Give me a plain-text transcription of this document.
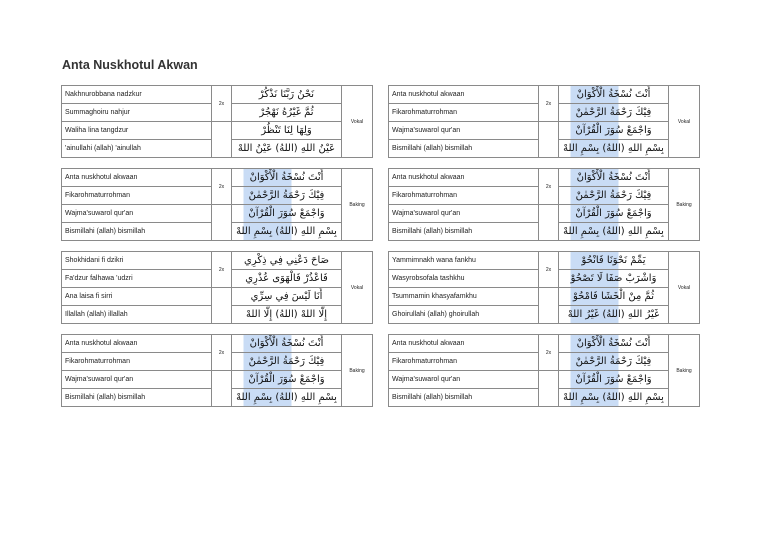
Anta Nuskhotul Akwan
Nakhnurobbana nadzkur	2x	نَحْنُ رَبَّنَا نَذْكُرْ	Vokal
Summaghoiru nahjur		ثُمَّ غَيْرُهُ نَهْجُرْ	
Waliha lina tangdzur		وَلِهَا لِنَا تَنْظُرْ	
'ainullahi (allah) 'ainullah		عَيْنُ اللهِ (اللهُ) عَيْنُ اللهْ	
Anta nuskhotul akwaan	2x	أَنْتَ نُسْخَةُ الْأَكْوَانْ	Vokal
Fikarohmaturrohman		فِيْكَ رَحْمَةُ الرَّحْمٰنْ	
Wajma'suwarol qur'an		وَاجْمَعْ سُوَرَ الْقُرْآنْ	
Bismillahi (allah) bismillah		بِسْمِ اللهِ (اللهُ) بِسْمِ اللهْ	
Anta nuskhotul akwaan	2x	أَنْتَ نُسْخَةُ الْأَكْوَانْ	Baking
Fikarohmaturrohman		فِيْكَ رَحْمَةُ الرَّحْمٰنْ	
Wajma'suwarol qur'an		وَاجْمَعْ سُوَرَ الْقُرْآنْ	
Bismillahi (allah) bismillah		بِسْمِ اللهِ (اللهُ) بِسْمِ اللهْ	
Anta nuskhotul akwaan	2x	أَنْتَ نُسْخَةُ الْأَكْوَانْ	Baking
Fikarohmaturrohman		فِيْكَ رَحْمَةُ الرَّحْمٰنْ	
Wajma'suwarol qur'an		وَاجْمَعْ سُوَرَ الْقُرْآنْ	
Bismillahi (allah) bismillah		بِسْمِ اللهِ (اللهُ) بِسْمِ اللهْ	
Shokhidani fi dzikri	2x	صَاحَ دَعْنِي فِي ذِكْرِي	Vokal
Fa'dzur falhawa 'udzri		فَاعْذُرْ فَالْهَوَى عُذْرِي	
Ana laisa fi sirri		أَنَا لَيْسَ فِي سِرِّي	
Illallah (allah) illallah		إِلَّا اللهْ (اللهُ) إِلَّا اللهْ	
Yammimnakh wana fankhu	2x	يَمِّمْ نَحْوَنَا فَانْحُوْ	Vokal
Wasyrobsofala tashkhu		وَاشْرَبْ صَفَا لَا تَصْحُوْ	
Tsummamin khasyafamkhu		ثُمَّ مِنْ الْخَشَا فَامْحُوْ	
Ghoirullahi (allah) ghoirullah		غَيْرُ اللهِ (اللهُ) غَيْرُ اللهْ	
Anta nuskhotul akwaan	2x	أَنْتَ نُسْخَةُ الْأَكْوَانْ	Baking
Fikarohmaturrohman		فِيْكَ رَحْمَةُ الرَّحْمٰنْ	
Wajma'suwarol qur'an		وَاجْمَعْ سُوَرَ الْقُرْآنْ	
Bismillahi (allah) bismillah		بِسْمِ اللهِ (اللهُ) بِسْمِ اللهْ	
Anta nuskhotul akwaan	2x	أَنْتَ نُسْخَةُ الْأَكْوَانْ	Baking
Fikarohmaturrohman		فِيْكَ رَحْمَةُ الرَّحْمٰنْ	
Wajma'suwarol qur'an		وَاجْمَعْ سُوَرَ الْقُرْآنْ	
Bismillahi (allah) bismillah		بِسْمِ اللهِ (اللهُ) بِسْمِ اللهْ	
